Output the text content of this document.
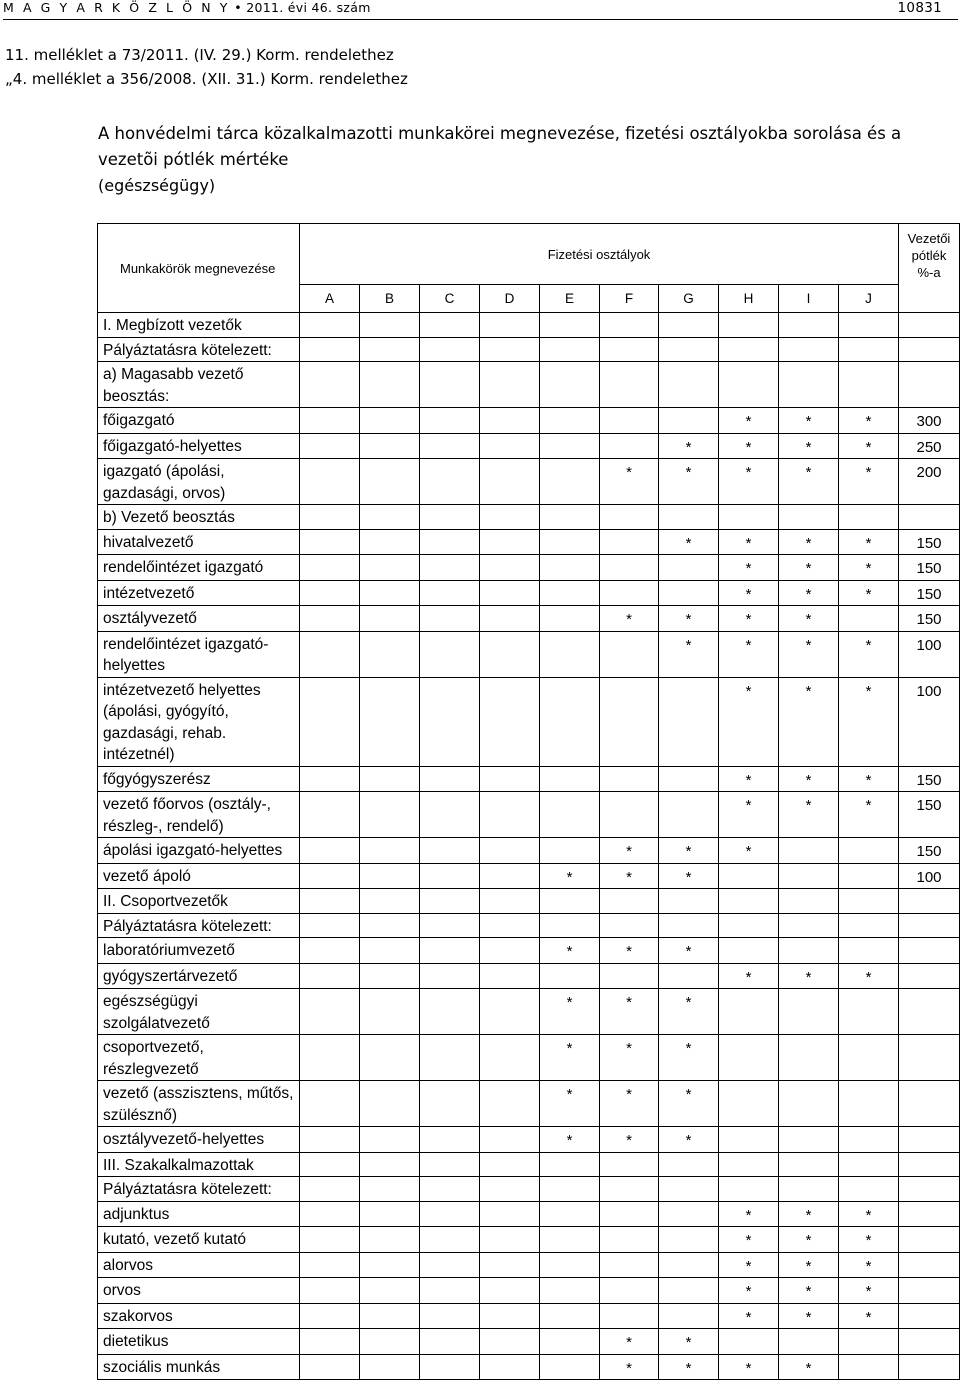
M A G Y A R K Ö Z L Ö N Y • 2011. évi 46. szám	10831
11. melléklet a 73/2011. (IV. 29.) Korm. rendelethez
„4. melléklet a 356/2008. (XII. 31.) Korm. rendelethez
A honvédelmi tárca közalkalmazotti munkakörei megnevezése, fizetési osztályokba sorolása és a vezetõi pótlék mértéke
(egészségügy)
Munkakörök megnevezése	Fizetési osztályok										Vezetői pótlék %-a

	A	B	C	D	E	F	G	H	I	J	
I. Megbízott vezetők											
Pályáztatásra kötelezett:											
a) Magasabb vezető beosztás:											
főigazgató								*	*	*	300
főigazgató-helyettes							*	*	*	*	250
igazgató (ápolási, gazdasági, orvos)						*	*	*	*	*	200
b) Vezető beosztás											
hivatalvezető							*	*	*	*	150
rendelőintézet igazgató								*	*	*	150
intézetvezető								*	*	*	150
osztályvezető						*	*	*	*		150
rendelőintézet igazgató-helyettes							*	*	*	*	100
intézetvezető helyettes (ápolási, gyógyító, gazdasági, rehab. intézetnél)								*	*	*	100
főgyógyszerész								*	*	*	150
vezető főorvos (osztály-, részleg-, rendelő)								*	*	*	150
ápolási igazgató-helyettes						*	*	*			150
vezető ápoló					*	*	*				100
II. Csoportvezetők											
Pályáztatásra kötelezett:											
laboratóriumvezető					*	*	*				
gyógyszertárvezető								*	*	*	
egészségügyi szolgálatvezető					*	*	*				
csoportvezető, részlegvezető					*	*	*				
vezető (asszisztens, műtős, szülésznő)					*	*	*				
osztályvezető-helyettes					*	*	*				
III. Szakalkalmazottak											
Pályáztatásra kötelezett:											
adjunktus								*	*	*	
kutató, vezető kutató								*	*	*	
alorvos								*	*	*	
orvos								*	*	*	
szakorvos								*	*	*	
dietetikus						*	*				
szociális munkás						*	*	*	*		
